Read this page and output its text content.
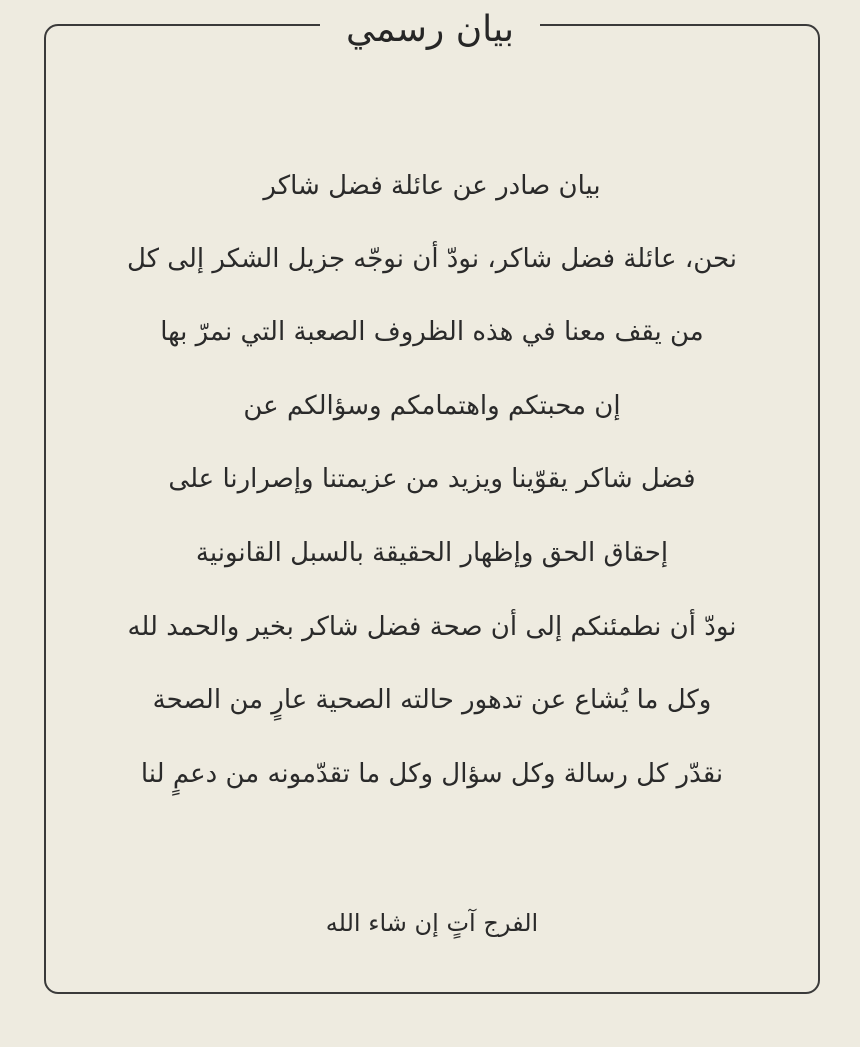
بيان رسمي
بيان صادر عن عائلة فضل شاكر
نحن، عائلة فضل شاكر، نودّ أن نوجّه جزيل الشكر إلى كل
من يقف معنا في هذه الظروف الصعبة التي نمرّ بها
إن محبتكم واهتمامكم وسؤالكم عن
فضل شاكر يقوّينا ويزيد من عزيمتنا وإصرارنا على
إحقاق الحق وإظهار الحقيقة بالسبل القانونية
نودّ أن نطمئنكم إلى أن صحة فضل شاكر بخير والحمد لله
وكل ما يُشاع عن تدهور حالته الصحية عارٍ من الصحة
نقدّر كل رسالة وكل سؤال وكل ما تقدّمونه من دعمٍ لنا
الفرج آتٍ إن شاء الله
